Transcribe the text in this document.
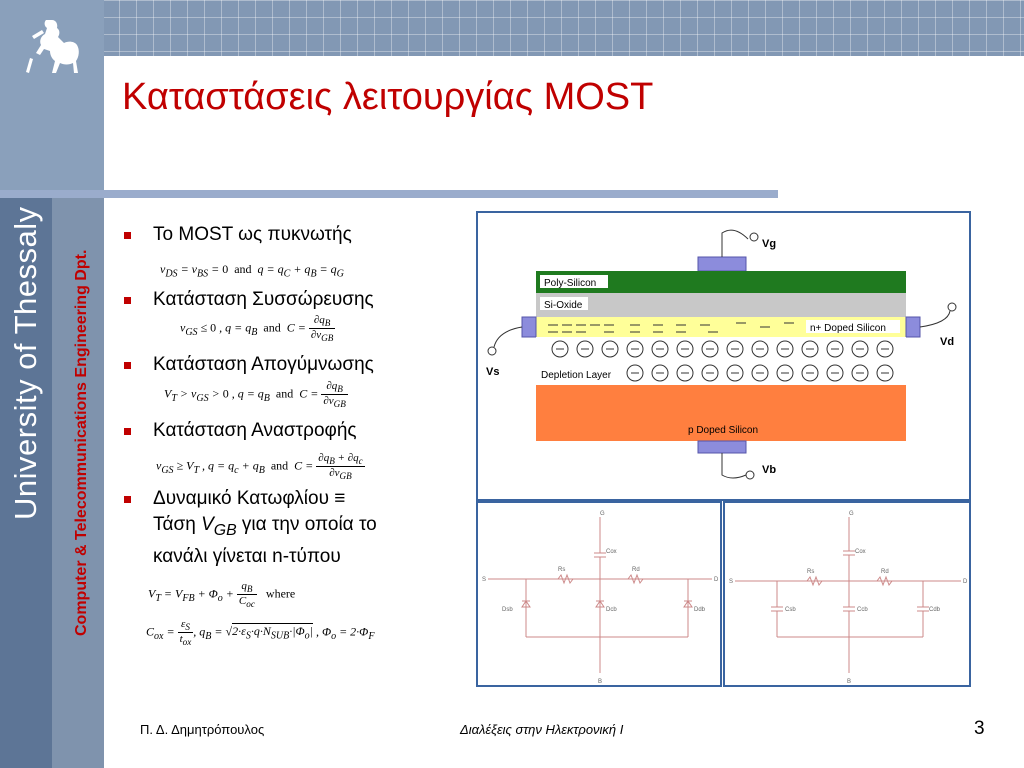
University of Thessaly	Computer & Telecommunications Engineering Dpt.
Καταστάσεις λειτουργίας MOST
Το MOST ως πυκνωτής
$v_{DS} = v_{BS} = 0$ and  $q = q_C + q_B = q_G$
Κατάσταση Συσσώρευσης
$v_{GS} \le 0$ , $q = q_B$ and  $C = \frac{\partial q_B}{\partial v_{GB}}$
Κατάσταση Απογύμνωσης
$V_T > v_{GS} > 0$ , $q = q_B$ and  $C = \frac{\partial q_B}{\partial v_{GB}}$
Κατάσταση Αναστροφής
$v_{GS} \ge V_T$ , $q = q_c + q_B$ and  $C = \frac{\partial q_B + \partial q_c}{\partial v_{GB}}$
Δυναμικό Κατωφλίου ≡
Τάση $V_{GB}$ για την οποία το
κανάλι γίνεται n-τύπου
$V_T = V_{FB} + \Phi_o + \frac{q_B}{C_{oc}}$ where
$C_{ox} = \frac{\varepsilon_S}{t_{ox}}$ , $q_B = √2\cdot\varepsilon_S\cdot q\cdot N_{SUB}\cdot|\Phi_o|$ , $\Phi_o = 2\cdot\Phi_F$
Vg
Poly-Silicon
Si-Oxide
n+ Doped Silicon
Vs
Vd
Depletion Layer
p Doped Silicon
Vb
G
S	D
B
Cox
Rs	Rd
Dsb	Dcb	Ddb
G
S	D
B
Cox
Rs	Rd
Csb	Ccb	Cdb
Π. Δ. Δημητρόπουλος	Διαλέξεις στην Ηλεκτρονική Ι	3
